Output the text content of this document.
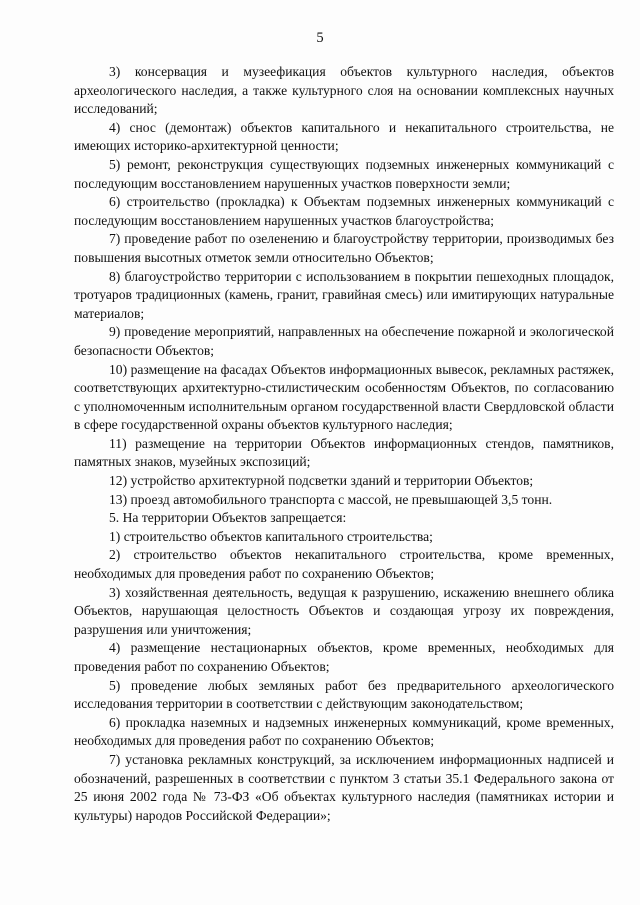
5

3) консервация и музеефикация объектов культурного наследия, объектов археологического наследия, а также культурного слоя на основании комплексных научных исследований;

4) снос (демонтаж) объектов капитального и некапитального строительства, не имеющих историко-архитектурной ценности;

5) ремонт, реконструкция существующих подземных инженерных коммуникаций с последующим восстановлением нарушенных участков поверхности земли;

6) строительство (прокладка) к Объектам подземных инженерных коммуникаций с последующим восстановлением нарушенных участков благоустройства;

7) проведение работ по озеленению и благоустройству территории, производимых без повышения высотных отметок земли относительно Объектов;

8) благоустройство территории с использованием в покрытии пешеходных площадок, тротуаров традиционных (камень, гранит, гравийная смесь) или имитирующих натуральные материалов;

9) проведение мероприятий, направленных на обеспечение пожарной и экологической безопасности Объектов;

10) размещение на фасадах Объектов информационных вывесок, рекламных растяжек, соответствующих архитектурно-стилистическим особенностям Объектов, по согласованию с уполномоченным исполнительным органом государственной власти Свердловской области в сфере государственной охраны объектов культурного наследия;

11) размещение на территории Объектов информационных стендов, памятников, памятных знаков, музейных экспозиций;

12) устройство архитектурной подсветки зданий и территории Объектов;

13) проезд автомобильного транспорта с массой, не превышающей 3,5 тонн.

5. На территории Объектов запрещается:

1) строительство объектов капитального строительства;

2) строительство объектов некапитального строительства, кроме временных, необходимых для проведения работ по сохранению Объектов;

3) хозяйственная деятельность, ведущая к разрушению, искажению внешнего облика Объектов, нарушающая целостность Объектов и создающая угрозу их повреждения, разрушения или уничтожения;

4) размещение нестационарных объектов, кроме временных, необходимых для проведения работ по сохранению Объектов;

5) проведение любых земляных работ без предварительного археологического исследования территории в соответствии с действующим законодательством;

6) прокладка наземных и надземных инженерных коммуникаций, кроме временных, необходимых для проведения работ по сохранению Объектов;

7) установка рекламных конструкций, за исключением информационных надписей и обозначений, разрешенных в соответствии с пунктом 3 статьи 35.1 Федерального закона от 25 июня 2002 года № 73-ФЗ «Об объектах культурного наследия (памятниках истории и культуры) народов Российской Федерации»;
